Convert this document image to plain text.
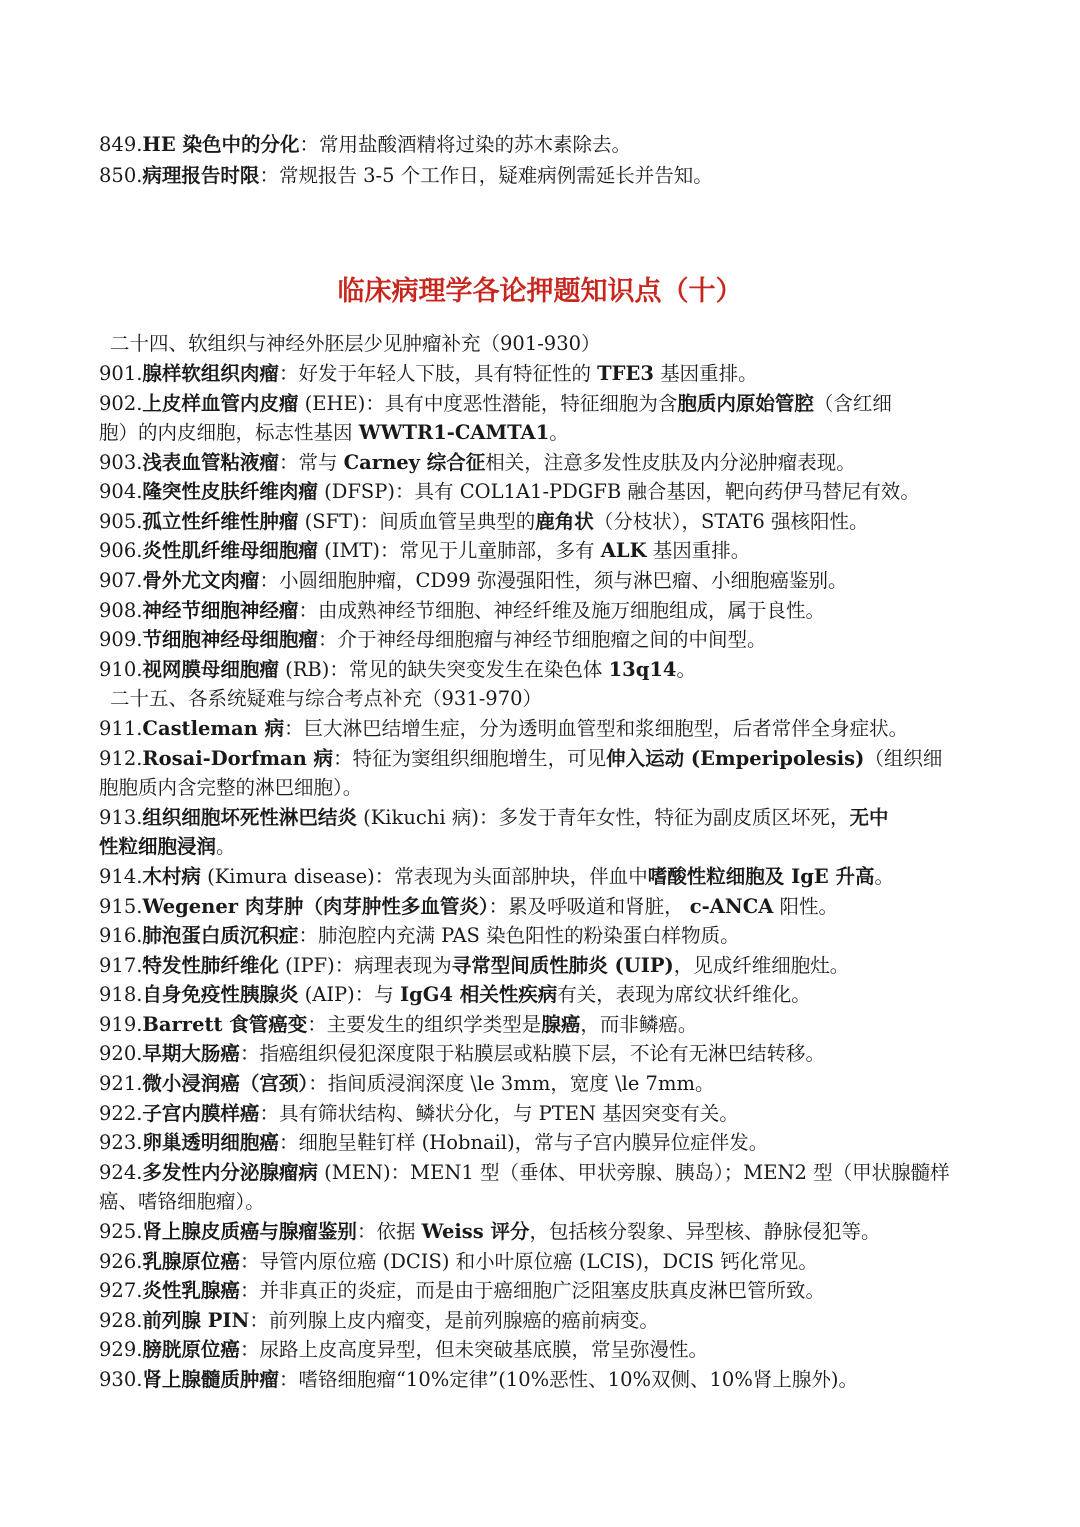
临床病理学各论押题知识点（十）
849.HE 染色中的分化：常用盐酸酒精将过染的苏木素除去。
850.病理报告时限：常规报告 3-5 个工作日，疑难病例需延长并告知。
二十四、软组织与神经外胚层少见肿瘤补充（901-930）
901.腺样软组织肉瘤：好发于年轻人下肢，具有特征性的 TFE3 基因重排。
902.上皮样血管内皮瘤 (EHE)：具有中度恶性潜能，特征细胞为含胞质内原始管腔（含红细
胞）的内皮细胞，标志性基因 WWTR1-CAMTA1。
903.浅表血管粘液瘤：常与 Carney 综合征相关，注意多发性皮肤及内分泌肿瘤表现。
904.隆突性皮肤纤维肉瘤 (DFSP)：具有 COL1A1-PDGFB 融合基因，靶向药伊马替尼有效。
905.孤立性纤维性肿瘤 (SFT)：间质血管呈典型的鹿角状（分枝状），STAT6 强核阳性。
906.炎性肌纤维母细胞瘤 (IMT)：常见于儿童肺部，多有 ALK 基因重排。
907.骨外尤文肉瘤：小圆细胞肿瘤，CD99 弥漫强阳性，须与淋巴瘤、小细胞癌鉴别。
908.神经节细胞神经瘤：由成熟神经节细胞、神经纤维及施万细胞组成，属于良性。
909.节细胞神经母细胞瘤：介于神经母细胞瘤与神经节细胞瘤之间的中间型。
910.视网膜母细胞瘤 (RB)：常见的缺失突变发生在染色体 13q14。
二十五、各系统疑难与综合考点补充（931-970）
911.Castleman 病：巨大淋巴结增生症，分为透明血管型和浆细胞型，后者常伴全身症状。
912.Rosai-Dorfman 病：特征为窦组织细胞增生，可见伸入运动 (Emperipolesis)（组织细
胞胞质内含完整的淋巴细胞）。
913.组织细胞坏死性淋巴结炎 (Kikuchi 病)：多发于青年女性，特征为副皮质区坏死，无中
性粒细胞浸润。
914.木村病 (Kimura disease)：常表现为头面部肿块，伴血中嗜酸性粒细胞及 IgE 升高。
915.Wegener 肉芽肿（肉芽肿性多血管炎）：累及呼吸道和肾脏， c-ANCA 阳性。
916.肺泡蛋白质沉积症：肺泡腔内充满 PAS 染色阳性的粉染蛋白样物质。
917.特发性肺纤维化 (IPF)：病理表现为寻常型间质性肺炎 (UIP)，见成纤维细胞灶。
918.自身免疫性胰腺炎 (AIP)：与 IgG4 相关性疾病有关，表现为席纹状纤维化。
919.Barrett 食管癌变：主要发生的组织学类型是腺癌，而非鳞癌。
920.早期大肠癌：指癌组织侵犯深度限于粘膜层或粘膜下层，不论有无淋巴结转移。
921.微小浸润癌（宫颈）：指间质浸润深度 \le 3mm，宽度 \le 7mm。
922.子宫内膜样癌：具有筛状结构、鳞状分化，与 PTEN 基因突变有关。
923.卵巢透明细胞癌：细胞呈鞋钉样 (Hobnail)，常与子宫内膜异位症伴发。
924.多发性内分泌腺瘤病 (MEN)：MEN1 型（垂体、甲状旁腺、胰岛）；MEN2 型（甲状腺髓样
癌、嗜铬细胞瘤）。
925.肾上腺皮质癌与腺瘤鉴别：依据 Weiss 评分，包括核分裂象、异型核、静脉侵犯等。
926.乳腺原位癌：导管内原位癌 (DCIS) 和小叶原位癌 (LCIS)，DCIS 钙化常见。
927.炎性乳腺癌：并非真正的炎症，而是由于癌细胞广泛阻塞皮肤真皮淋巴管所致。
928.前列腺 PIN：前列腺上皮内瘤变，是前列腺癌的癌前病变。
929.膀胱原位癌：尿路上皮高度异型，但未突破基底膜，常呈弥漫性。
930.肾上腺髓质肿瘤：嗜铬细胞瘤“10%定律”(10%恶性、10%双侧、10%肾上腺外)。
